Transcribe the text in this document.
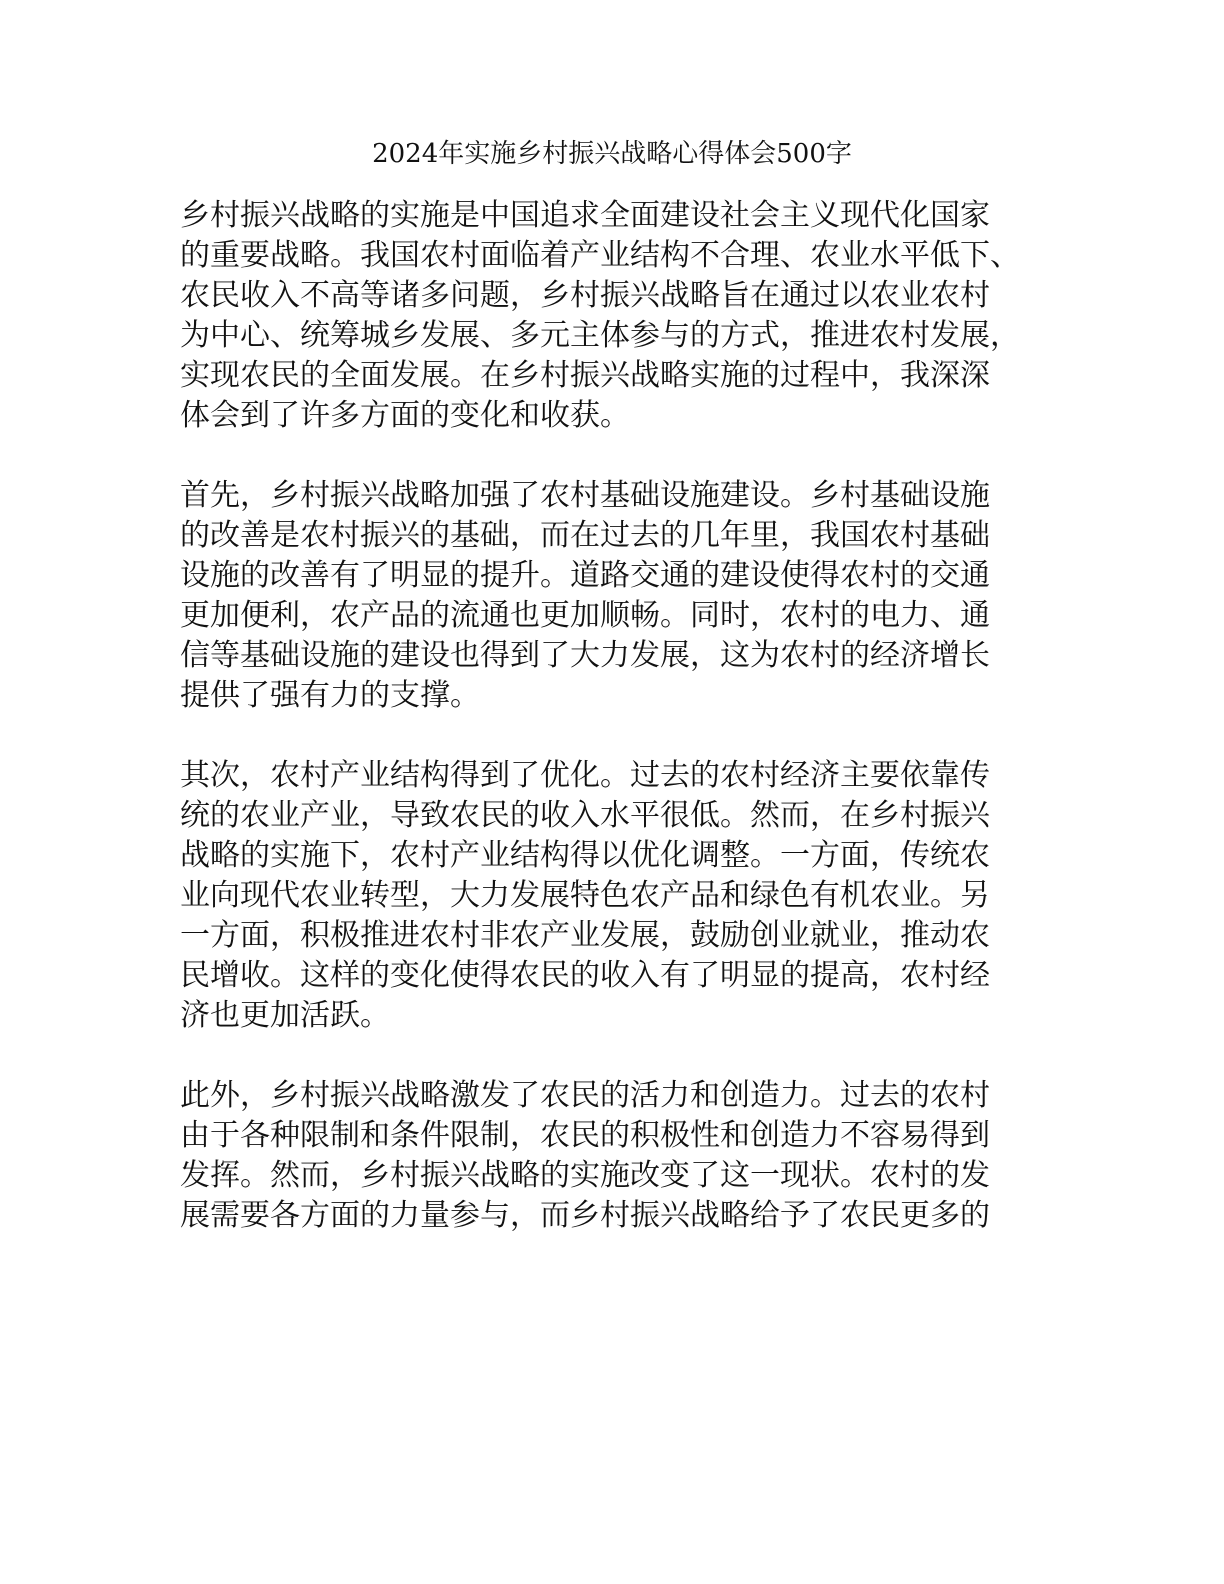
2024年实施乡村振兴战略心得体会500字

乡村振兴战略的实施是中国追求全面建设社会主义现代化国家
的重要战略。我国农村面临着产业结构不合理、农业水平低下、
农民收入不高等诸多问题，乡村振兴战略旨在通过以农业农村
为中心、统筹城乡发展、多元主体参与的方式，推进农村发展，
实现农民的全面发展。在乡村振兴战略实施的过程中，我深深
体会到了许多方面的变化和收获。

首先，乡村振兴战略加强了农村基础设施建设。乡村基础设施
的改善是农村振兴的基础，而在过去的几年里，我国农村基础
设施的改善有了明显的提升。道路交通的建设使得农村的交通
更加便利，农产品的流通也更加顺畅。同时，农村的电力、通
信等基础设施的建设也得到了大力发展，这为农村的经济增长
提供了强有力的支撑。

其次，农村产业结构得到了优化。过去的农村经济主要依靠传
统的农业产业，导致农民的收入水平很低。然而，在乡村振兴
战略的实施下，农村产业结构得以优化调整。一方面，传统农
业向现代农业转型，大力发展特色农产品和绿色有机农业。另
一方面，积极推进农村非农产业发展，鼓励创业就业，推动农
民增收。这样的变化使得农民的收入有了明显的提高，农村经
济也更加活跃。

此外，乡村振兴战略激发了农民的活力和创造力。过去的农村
由于各种限制和条件限制，农民的积极性和创造力不容易得到
发挥。然而，乡村振兴战略的实施改变了这一现状。农村的发
展需要各方面的力量参与，而乡村振兴战略给予了农民更多的
